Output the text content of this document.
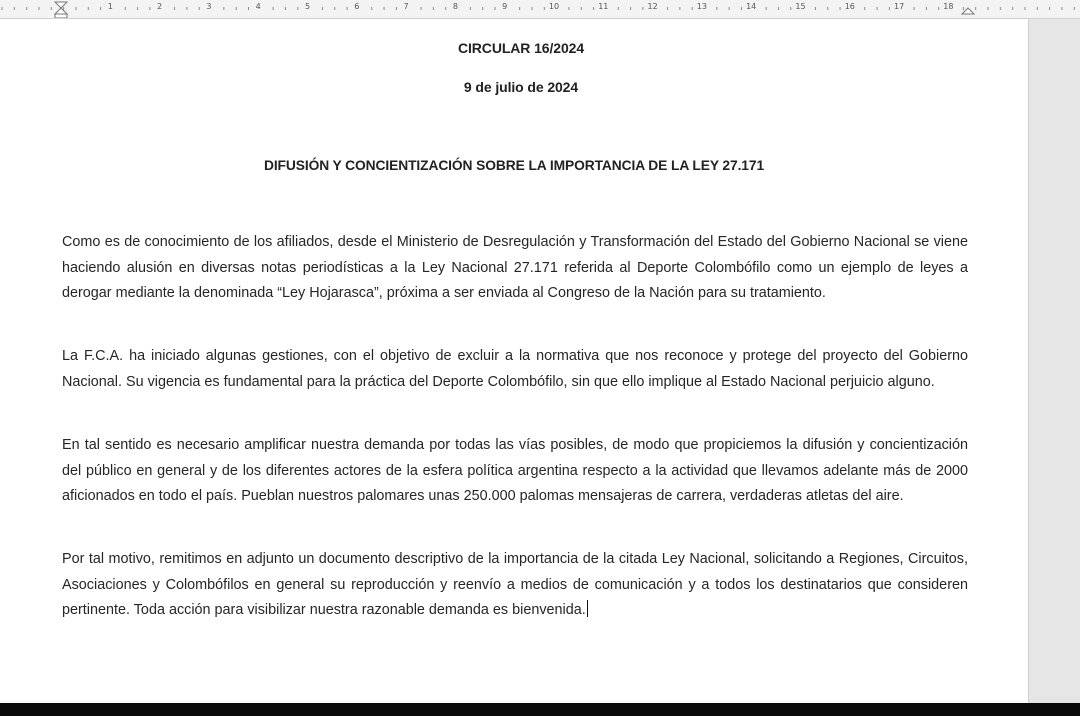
1	2	3	4	5	6	7	8	9	10	11	12	13	14	15	16	17	18
CIRCULAR 16/2024
9 de julio de 2024
DIFUSIÓN Y CONCIENTIZACIÓN SOBRE LA IMPORTANCIA DE LA LEY 27.171
Como es de conocimiento de los afiliados, desde el Ministerio de Desregulación y Transformación del Estado del Gobierno Nacional se viene haciendo alusión en diversas notas periodísticas a la Ley Nacional 27.171 referida al Deporte Colombófilo como un ejemplo de leyes a derogar mediante la denominada “Ley Hojarasca”, próxima a ser enviada al Congreso de la Nación para su tratamiento.
La F.C.A. ha iniciado algunas gestiones, con el objetivo de excluir a la normativa que nos reconoce y protege del proyecto del Gobierno Nacional. Su vigencia es fundamental para la práctica del Deporte Colombófilo, sin que ello implique al Estado Nacional perjuicio alguno.
En tal sentido es necesario amplificar nuestra demanda por todas las vías posibles, de modo que propiciemos la difusión y concientización del público en general y de los diferentes actores de la esfera política argentina respecto a la actividad que llevamos adelante más de 2000 aficionados en todo el país. Pueblan nuestros palomares unas 250.000 palomas mensajeras de carrera, verdaderas atletas del aire.
Por tal motivo, remitimos en adjunto un documento descriptivo de la importancia de la citada Ley Nacional, solicitando a Regiones, Circuitos, Asociaciones y Colombófilos en general su reproducción y reenvío a medios de comunicación y a todos los destinatarios que consideren pertinente. Toda acción para visibilizar nuestra razonable demanda es bienvenida.
